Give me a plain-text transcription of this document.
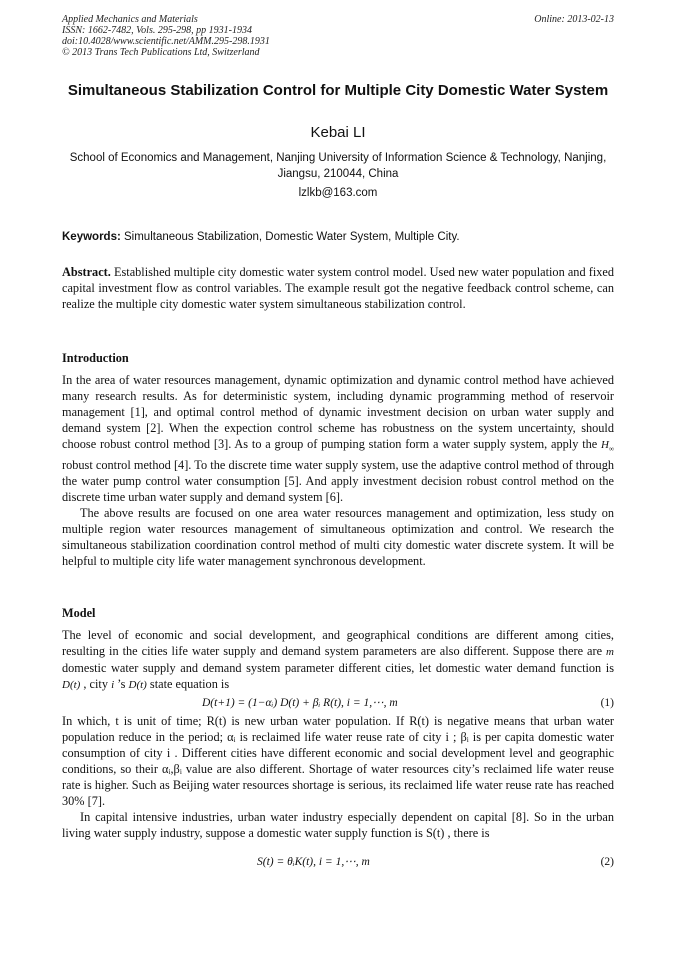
Applied Mechanics and Materials	Online: 2013-02-13
ISSN: 1662-7482, Vols. 295-298, pp 1931-1934
doi:10.4028/www.scientific.net/AMM.295-298.1931
© 2013 Trans Tech Publications Ltd, Switzerland
Simultaneous Stabilization Control for Multiple City Domestic Water System
Kebai LI
School of Economics and Management, Nanjing University of Information Science & Technology, Nanjing, Jiangsu, 210044, China
lzlkb@163.com
Keywords: Simultaneous Stabilization, Domestic Water System, Multiple City.
Abstract. Established multiple city domestic water system control model. Used new water population and fixed capital investment flow as control variables. The example result got the negative feedback control scheme, can realize the multiple city domestic water system simultaneous stabilization control.
Introduction

In the area of water resources management, dynamic optimization and dynamic control method have achieved many research results. As for deterministic system, including dynamic programming method of reservoir management [1], and optimal control method of dynamic investment decision on urban water supply and demand system [2]. When the expection control scheme has robustness on the system uncertainty, should choose robust control method [3]. As to a group of pumping station form a water supply system, apply the $H_\infty$ robust control method [4]. To the discrete time water supply system, use the adaptive control method of through the water pump control water consumption [5]. And apply investment decision robust control method on the discrete time urban water supply and demand system [6].

The above results are focused on one area water resources management and optimization, less study on multiple region water resources management of simultaneous optimization and control. We research the simultaneous stabilization coordination control method of multi city domestic water discrete system. It will be helpful to multiple city life water management synchronous development.

Model

The level of economic and social development, and geographical conditions are different among cities, resulting in the cities life water supply and demand system parameters are also different. Suppose there are m domestic water supply and demand system parameter different cities, let domestic water demand function is D(t) , city i ’s D(t) state equation is

D(t+1) = (1−αᵢ) D(t) + βᵢ R(t), i = 1,⋯, m	(1)

In which, t is unit of time; R(t) is new urban water population. If R(t) is negative means that urban water population reduce in the period; αᵢ is reclaimed life water reuse rate of city i ; βᵢ is per capita domestic water consumption of city i . Different cities have different economic and social development level and geographic conditions, so their αᵢ,βᵢ value are also different. Shortage of water resources city’s reclaimed life water reuse rate is higher. Such as Beijing water resources shortage is serious, its reclaimed life water reuse rate has reached 30% [7].

In capital intensive industries, urban water industry especially dependent on capital [8]. So in the urban living water supply industry, suppose a domestic water supply function is S(t) , there is

S(t) = θᵢK(t), i = 1,⋯, m	(2)
